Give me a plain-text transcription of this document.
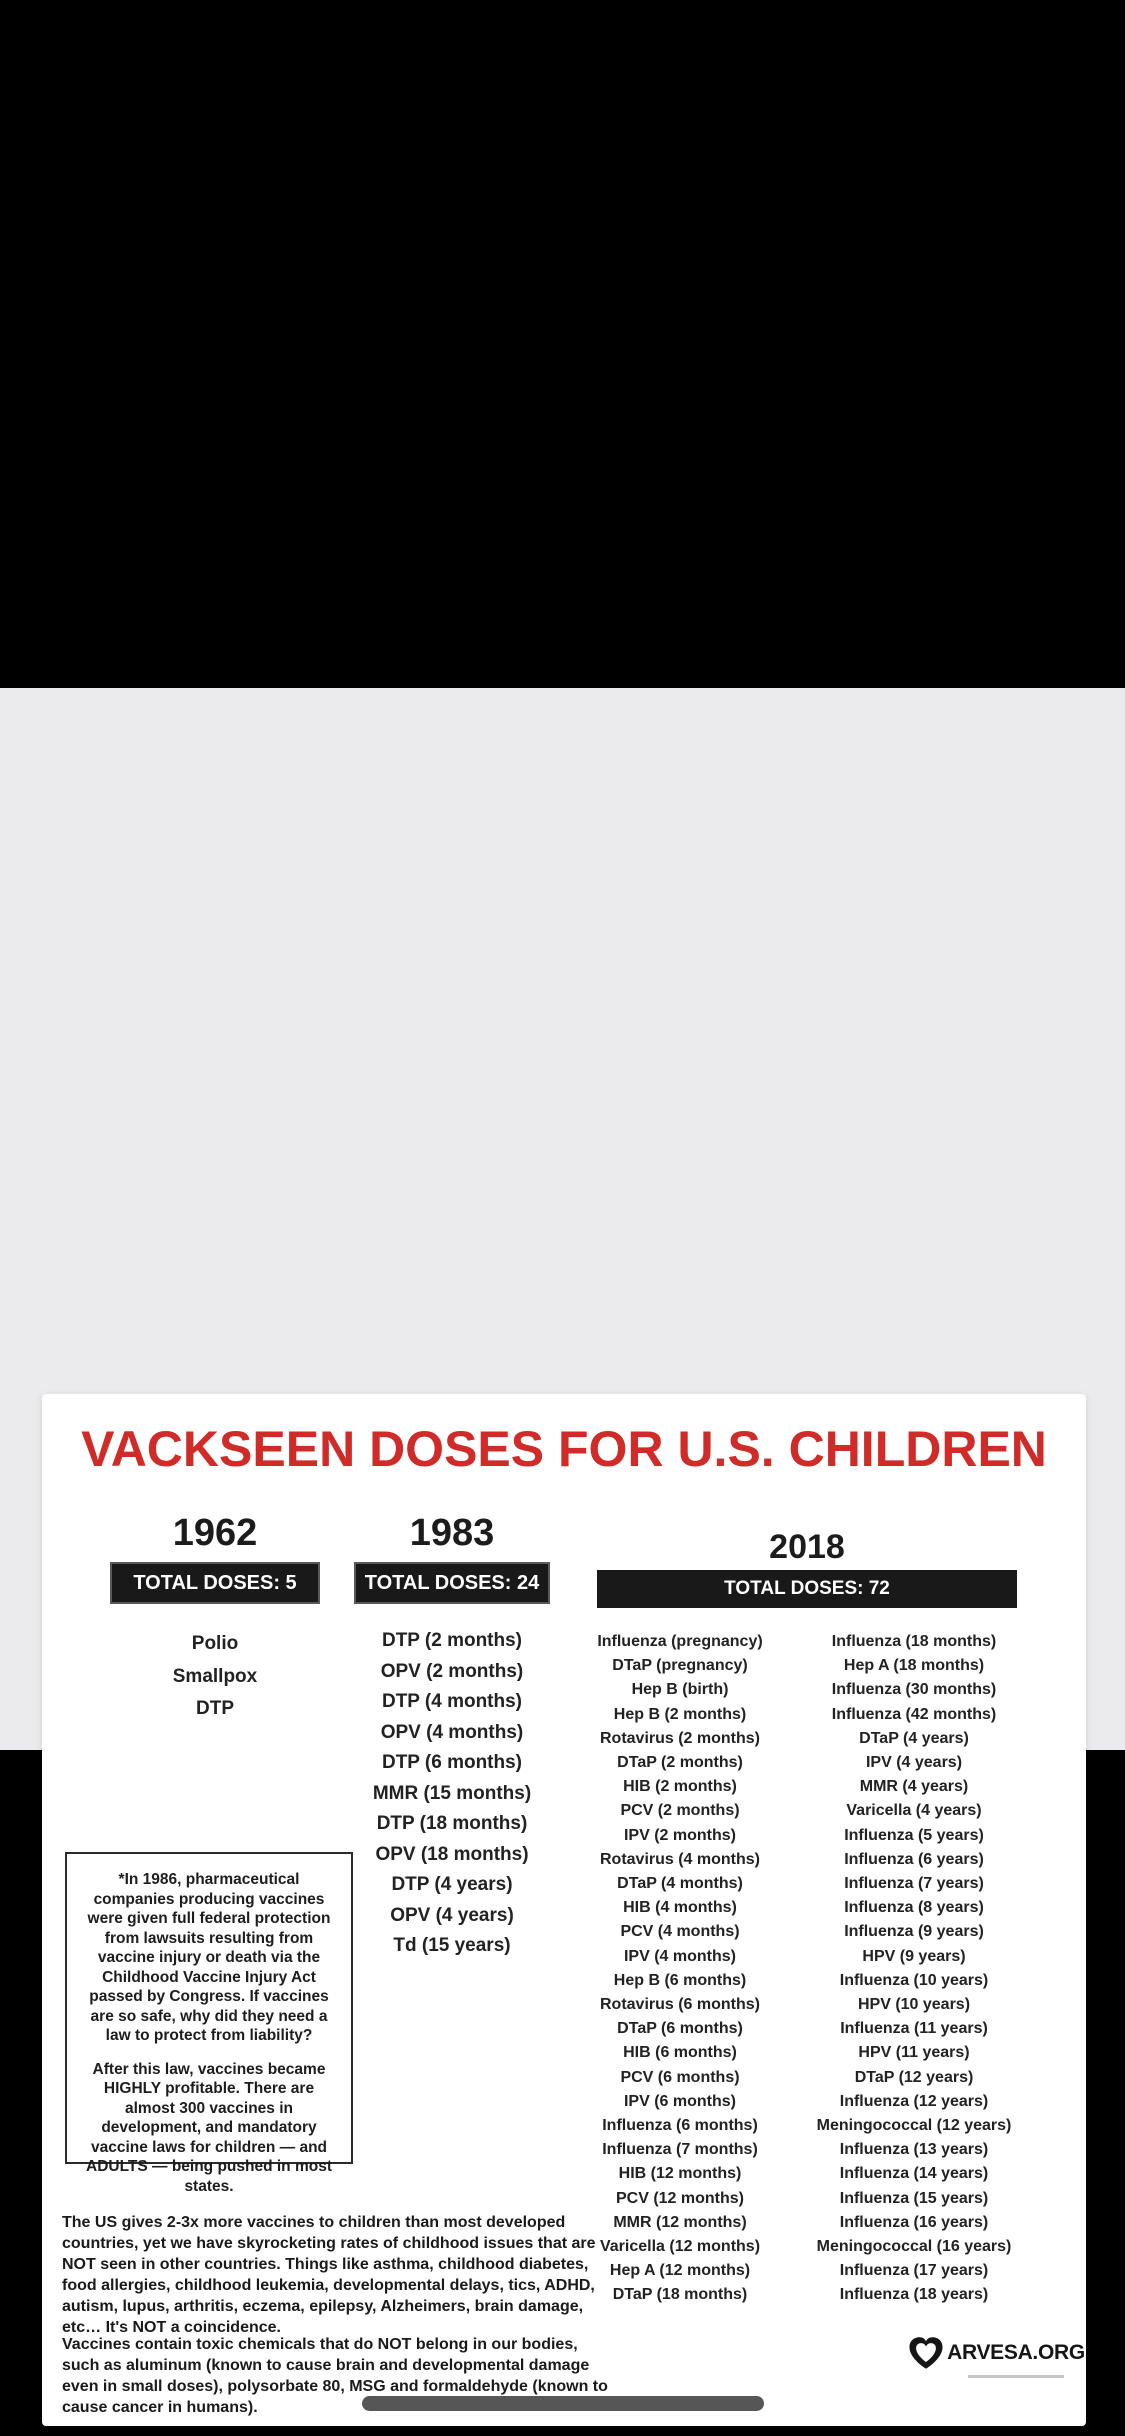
VACKSEEN DOSES FOR U.S. CHILDREN
1962
TOTAL DOSES: 5
Polio
Smallpox
DTP
1983
TOTAL DOSES: 24
DTP (2 months)
OPV (2 months)
DTP (4 months)
OPV (4 months)
DTP (6 months)
MMR (15 months)
DTP (18 months)
OPV (18 months)
DTP (4 years)
OPV (4 years)
Td (15 years)
2018
TOTAL DOSES: 72
Influenza (pregnancy)
DTaP (pregnancy)
Hep B (birth)
Hep B (2 months)
Rotavirus (2 months)
DTaP (2 months)
HIB (2 months)
PCV (2 months)
IPV (2 months)
Rotavirus (4 months)
DTaP (4 months)
HIB (4 months)
PCV (4 months)
IPV (4 months)
Hep B (6 months)
Rotavirus (6 months)
DTaP (6 months)
HIB (6 months)
PCV (6 months)
IPV (6 months)
Influenza (6 months)
Influenza (7 months)
HIB (12 months)
PCV (12 months)
MMR (12 months)
Varicella (12 months)
Hep A (12 months)
DTaP (18 months)
Influenza (18 months)
Hep A (18 months)
Influenza (30 months)
Influenza (42 months)
DTaP (4 years)
IPV (4 years)
MMR (4 years)
Varicella (4 years)
Influenza (5 years)
Influenza (6 years)
Influenza (7 years)
Influenza (8 years)
Influenza (9 years)
HPV (9 years)
Influenza (10 years)
HPV (10 years)
Influenza (11 years)
HPV (11 years)
DTaP (12 years)
Influenza (12 years)
Meningococcal (12 years)
Influenza (13 years)
Influenza (14 years)
Influenza (15 years)
Influenza (16 years)
Meningococcal (16 years)
Influenza (17 years)
Influenza (18 years)

*In 1986, pharmaceutical companies producing vaccines were given full federal protection from lawsuits resulting from vaccine injury or death via the Childhood Vaccine Injury Act passed by Congress. If vaccines are so safe, why did they need a law to protect from liability?

After this law, vaccines became HIGHLY profitable. There are almost 300 vaccines in development, and mandatory vaccine laws for children — and ADULTS — being pushed in most states.

The US gives 2-3x more vaccines to children than most developed countries, yet we have skyrocketing rates of childhood issues that are NOT seen in other countries. Things like asthma, childhood diabetes, food allergies, childhood leukemia, developmental delays, tics, ADHD, autism, lupus, arthritis, eczema, epilepsy, Alzheimers, brain damage, etc… It's NOT a coincidence.
Vaccines contain toxic chemicals that do NOT belong in our bodies, such as aluminum (known to cause brain and developmental damage even in small doses), polysorbate 80, MSG and formaldehyde (known to cause cancer in humans).
ARVESA.ORG
